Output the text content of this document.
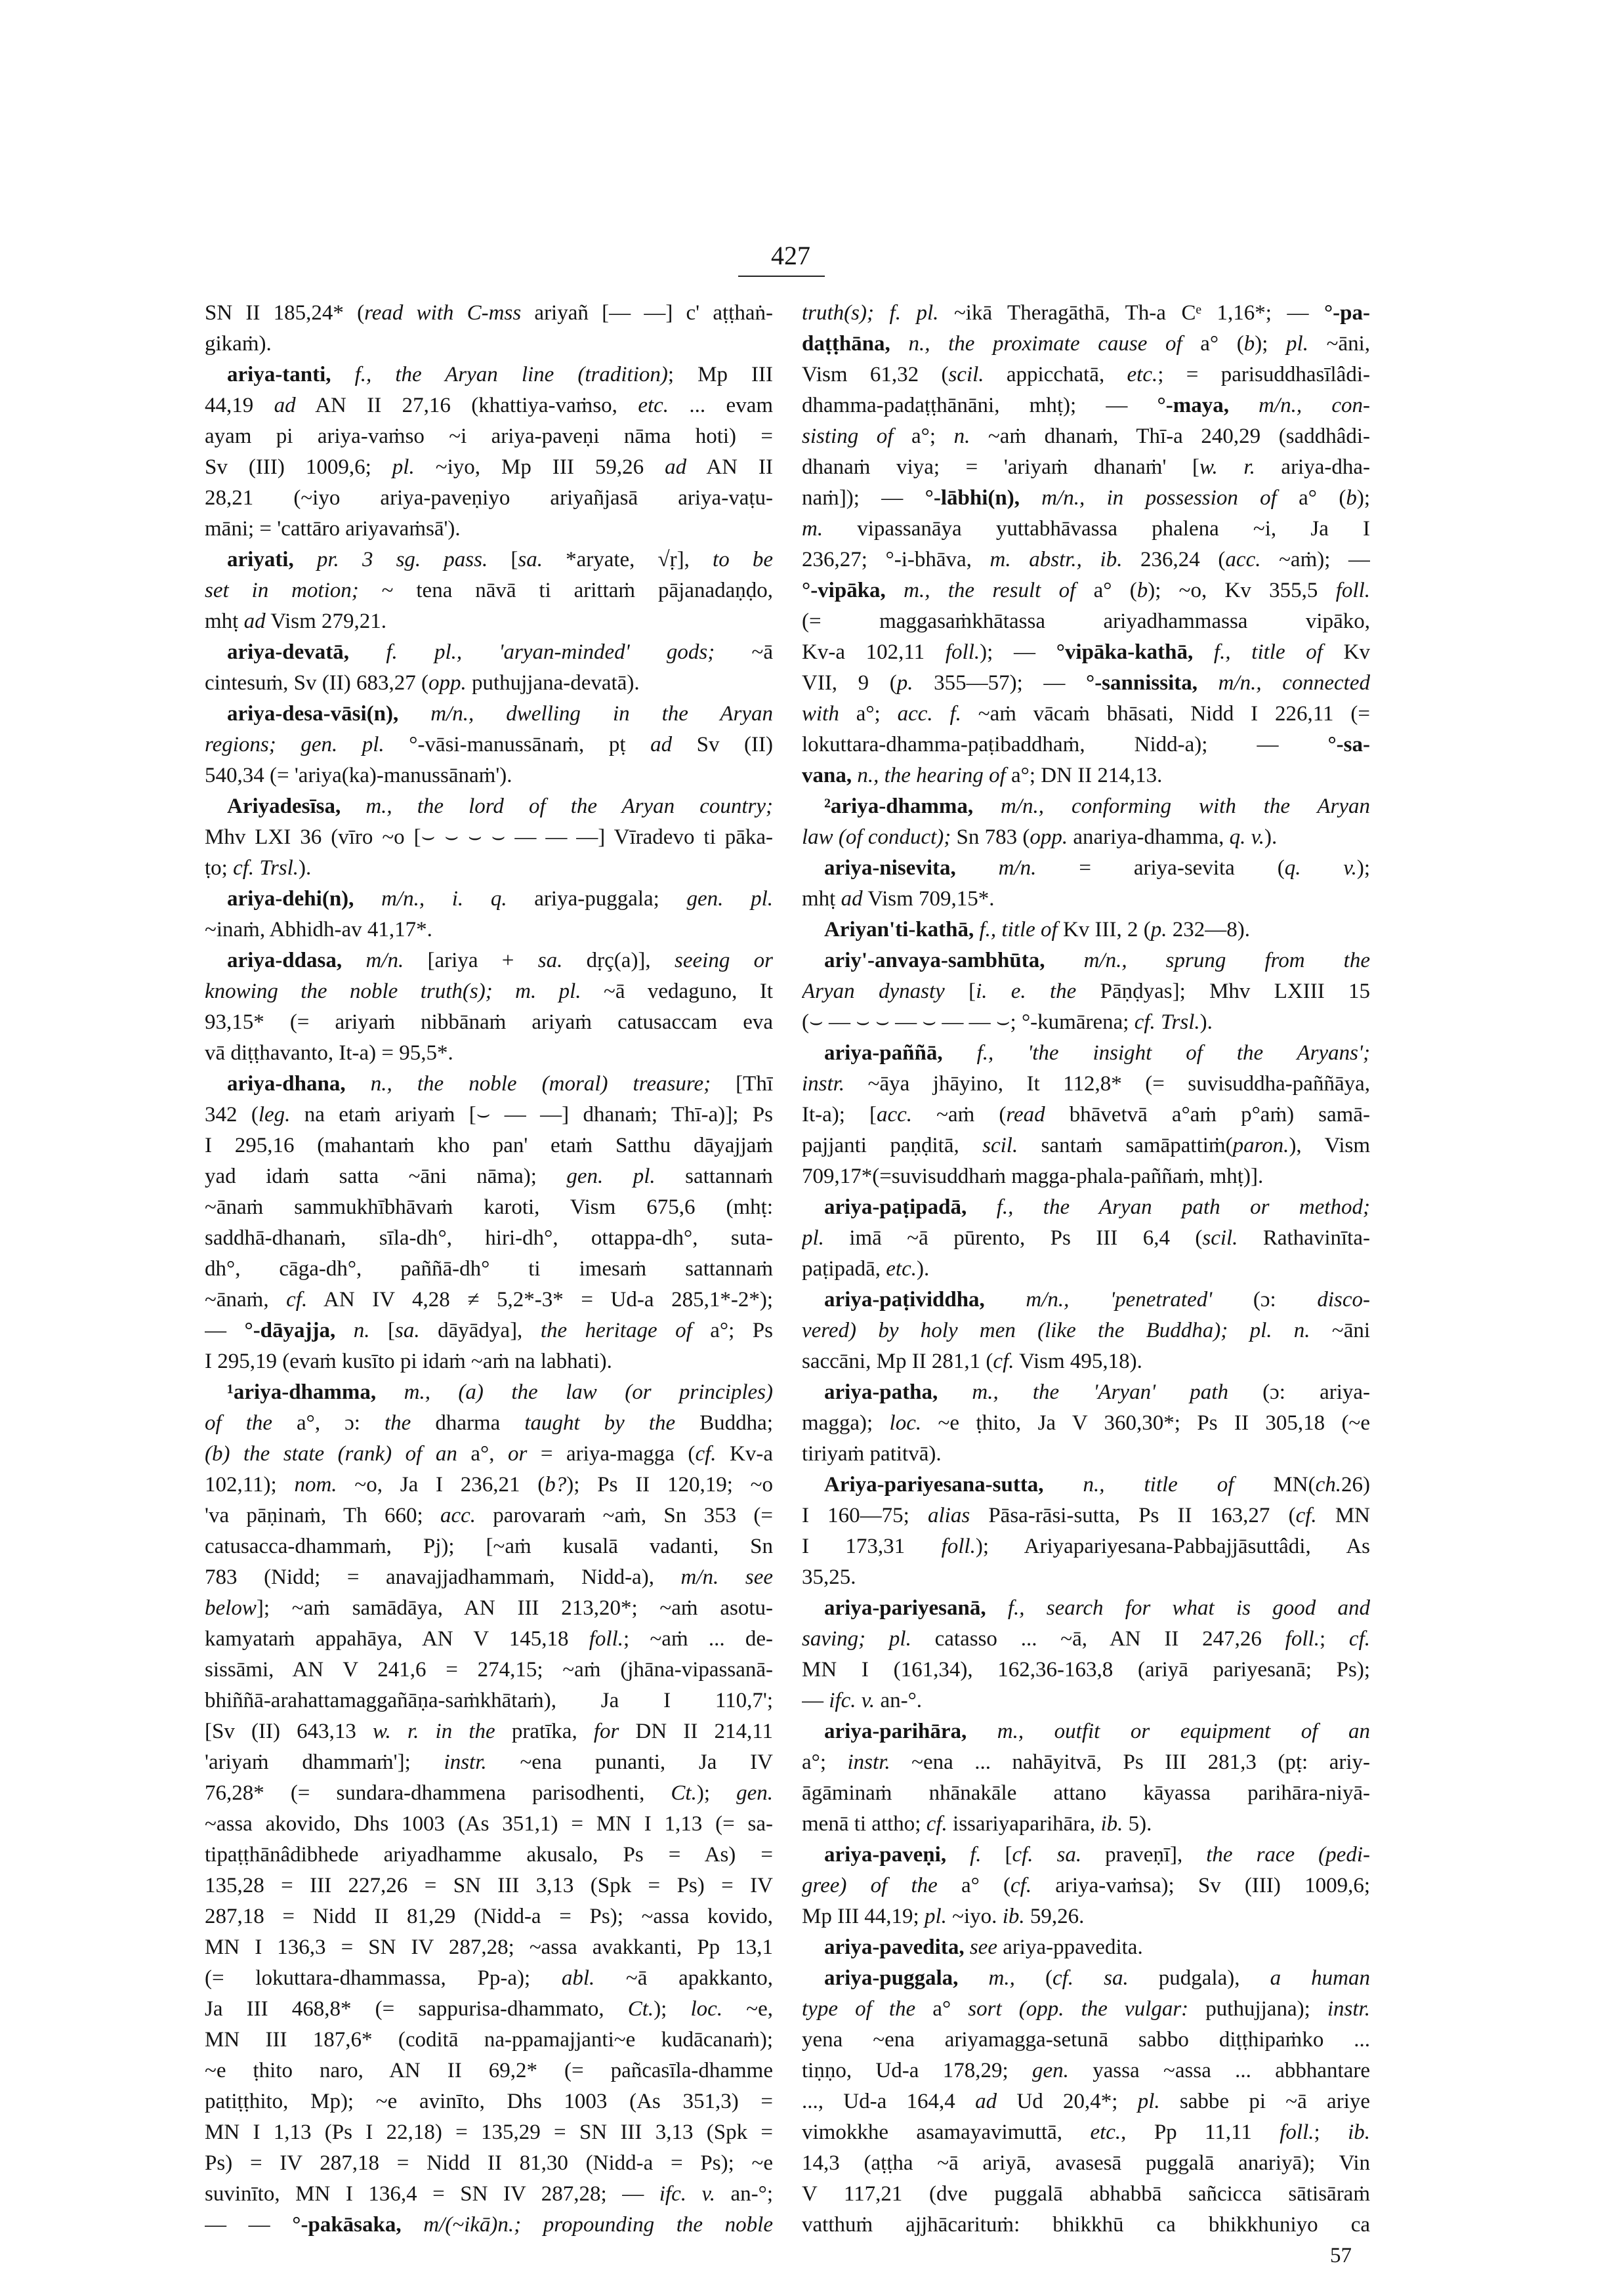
427
SN II 185,24* (read with C-mss ariyañ [— —] c' aṭṭhaṅ-
gikaṁ).
ariya-tanti, f., the Aryan line (tradition); Mp III
44,19 ad AN II 27,16 (khattiya-vaṁso, etc. ... evam
ayam pi ariya-vaṁso ~i ariya-paveṇi nāma hoti) =
Sv (III) 1009,6; pl. ~iyo, Mp III 59,26 ad AN II
28,21 (~iyo ariya-paveṇiyo ariyañjasā ariya-vaṭu-
māni; = 'cattāro ariyavaṁsā').
ariyati, pr. 3 sg. pass. [sa. *aryate, √ṛ], to be
set in motion; ~ tena nāvā ti arittaṁ pājanadaṇḍo,
mhṭ ad Vism 279,21.
ariya-devatā, f. pl., 'aryan-minded' gods; ~ā
cintesuṁ, Sv (II) 683,27 (opp. puthujjana-devatā).
ariya-desa-vāsi(n), m/n., dwelling in the Aryan
regions; gen. pl. °-vāsi-manussānaṁ, pṭ ad Sv (II)
540,34 (= 'ariya(ka)-manussānaṁ').
Ariyadesīsa, m., the lord of the Aryan country;
Mhv LXI 36 (vīro ~o [⌣ ⌣ ⌣ ⌣ — — —] Vīradevo ti pāka-
ṭo; cf. Trsl.).
ariya-dehi(n), m/n., i. q. ariya-puggala; gen. pl.
~inaṁ, Abhidh-av 41,17*.
ariya-ddasa, m/n. [ariya + sa. dṛç(a)], seeing or
knowing the noble truth(s); m. pl. ~ā vedaguno, It
93,15* (= ariyaṁ nibbānaṁ ariyaṁ catusaccam eva
vā diṭṭhavanto, It-a) = 95,5*.
ariya-dhana, n., the noble (moral) treasure; [Thī
342 (leg. na etaṁ ariyaṁ [⌣ — —] dhanaṁ; Thī-a)]; Ps
I 295,16 (mahantaṁ kho pan' etaṁ Satthu dāyajjaṁ
yad idaṁ satta ~āni nāma); gen. pl. sattannaṁ
~ānaṁ sammukhībhāvaṁ karoti, Vism 675,6 (mhṭ:
saddhā-dhanaṁ, sīla-dh°, hiri-dh°, ottappa-dh°, suta-
dh°, cāga-dh°, paññā-dh° ti imesaṁ sattannaṁ
~ānaṁ, cf. AN IV 4,28 ≠ 5,2*-3* = Ud-a 285,1*-2*);
— °-dāyajja, n. [sa. dāyādya], the heritage of a°; Ps
I 295,19 (evaṁ kusīto pi idaṁ ~aṁ na labhati).
¹ariya-dhamma, m., (a) the law (or principles)
of the a°, ɔ: the dharma taught by the Buddha;
(b) the state (rank) of an a°, or = ariya-magga (cf. Kv-a
102,11); nom. ~o, Ja I 236,21 (b?); Ps II 120,19; ~o
'va pāṇinaṁ, Th 660; acc. parovaraṁ ~aṁ, Sn 353 (=
catusacca-dhammaṁ, Pj); [~aṁ kusalā vadanti, Sn
783 (Nidd; = anavajjadhammaṁ, Nidd-a), m/n. see
below]; ~aṁ samādāya, AN III 213,20*; ~aṁ asotu-
kamyataṁ appahāya, AN V 145,18 foll.; ~aṁ ... de-
sissāmi, AN V 241,6 = 274,15; ~aṁ (jhāna-vipassanā-
bhiññā-arahattamaggañāṇa-saṁkhātaṁ), Ja I 110,7';
[Sv (II) 643,13 w. r. in the pratīka, for DN II 214,11
'ariyaṁ dhammaṁ']; instr. ~ena punanti, Ja IV
76,28* (= sundara-dhammena parisodhenti, Ct.); gen.
~assa akovido, Dhs 1003 (As 351,1) = MN I 1,13 (= sa-
tipaṭṭhānâdibhede ariyadhamme akusalo, Ps = As) =
135,28 = III 227,26 = SN III 3,13 (Spk = Ps) = IV
287,18 = Nidd II 81,29 (Nidd-a = Ps); ~assa kovido,
MN I 136,3 = SN IV 287,28; ~assa avakkanti, Pp 13,1
(= lokuttara-dhammassa, Pp-a); abl. ~ā apakkanto,
Ja III 468,8* (= sappurisa-dhammato, Ct.); loc. ~e,
MN III 187,6* (coditā na-ppamajjanti~e kudācanaṁ);
~e ṭhito naro, AN II 69,2* (= pañcasīla-dhamme
patiṭṭhito, Mp); ~e avinīto, Dhs 1003 (As 351,3) =
MN I 1,13 (Ps I 22,18) = 135,29 = SN III 3,13 (Spk =
Ps) = IV 287,18 = Nidd II 81,30 (Nidd-a = Ps); ~e
suvinīto, MN I 136,4 = SN IV 287,28; — ifc. v. an-°;
— — °-pakāsaka, m/(~ikā)n.; propounding the noble
truth(s); f. pl. ~ikā Theragāthā, Th-a Cᵉ 1,16*; — °-pa-
daṭṭhāna, n., the proximate cause of a° (b); pl. ~āni,
Vism 61,32 (scil. appicchatā, etc.; = parisuddhasīlâdi-
dhamma-padaṭṭhānāni, mhṭ); — °-maya, m/n., con-
sisting of a°; n. ~aṁ dhanaṁ, Thī-a 240,29 (saddhâdi-
dhanaṁ viya; = 'ariyaṁ dhanaṁ' [w. r. ariya-dha-
naṁ]); — °-lābhi(n), m/n., in possession of a° (b);
m. vipassanāya yuttabhāvassa phalena ~i, Ja I
236,27; °-i-bhāva, m. abstr., ib. 236,24 (acc. ~aṁ); —
°-vipāka, m., the result of a° (b); ~o, Kv 355,5 foll.
(= maggasaṁkhātassa ariyadhammassa vipāko,
Kv-a 102,11 foll.); — °vipāka-kathā, f., title of Kv
VII, 9 (p. 355—57); — °-sannissita, m/n., connected
with a°; acc. f. ~aṁ vācaṁ bhāsati, Nidd I 226,11 (=
lokuttara-dhamma-paṭibaddhaṁ, Nidd-a); — °-sa-
vana, n., the hearing of a°; DN II 214,13.
²ariya-dhamma, m/n., conforming with the Aryan
law (of conduct); Sn 783 (opp. anariya-dhamma, q. v.).
ariya-nisevita, m/n. = ariya-sevita (q. v.);
mhṭ ad Vism 709,15*.
Ariyan'ti-kathā, f., title of Kv III, 2 (p. 232—8).
ariy'-anvaya-sambhūta, m/n., sprung from the
Aryan dynasty [i. e. the Pāṇḍyas]; Mhv LXIII 15
(⌣ — ⌣ ⌣ — ⌣ — — ⌣; °-kumārena; cf. Trsl.).
ariya-paññā, f., 'the insight of the Aryans';
instr. ~āya jhāyino, It 112,8* (= suvisuddha-paññāya,
It-a); [acc. ~aṁ (read bhāvetvā a°aṁ p°aṁ) samā-
pajjanti paṇḍitā, scil. santaṁ samāpattiṁ(paron.), Vism
709,17*(=suvisuddhaṁ magga-phala-paññaṁ, mhṭ)].
ariya-paṭipadā, f., the Aryan path or method;
pl. imā ~ā pūrento, Ps III 6,4 (scil. Rathavinīta-
paṭipadā, etc.).
ariya-paṭividdha, m/n., 'penetrated' (ɔ: disco-
vered) by holy men (like the Buddha); pl. n. ~āni
saccāni, Mp II 281,1 (cf. Vism 495,18).
ariya-patha, m., the 'Aryan' path (ɔ: ariya-
magga); loc. ~e ṭhito, Ja V 360,30*; Ps II 305,18 (~e
tiriyaṁ patitvā).
Ariya-pariyesana-sutta, n., title of MN(ch.26)
I 160—75; alias Pāsa-rāsi-sutta, Ps II 163,27 (cf. MN
I 173,31 foll.); Ariyapariyesana-Pabbajjāsuttâdi, As
35,25.
ariya-pariyesanā, f., search for what is good and
saving; pl. catasso ... ~ā, AN II 247,26 foll.; cf.
MN I (161,34), 162,36-163,8 (ariyā pariyesanā; Ps);
— ifc. v. an-°.
ariya-parihāra, m., outfit or equipment of an
a°; instr. ~ena ... nahāyitvā, Ps III 281,3 (pṭ: ariy-
āgāminaṁ nhānakāle attano kāyassa parihāra-niyā-
menā ti attho; cf. issariyaparihāra, ib. 5).
ariya-paveṇi, f. [cf. sa. praveṇī], the race (pedi-
gree) of the a° (cf. ariya-vaṁsa); Sv (III) 1009,6;
Mp III 44,19; pl. ~iyo. ib. 59,26.
ariya-pavedita, see ariya-ppavedita.
ariya-puggala, m., (cf. sa. pudgala), a human
type of the a° sort (opp. the vulgar: puthujjana); instr.
yena ~ena ariyamagga-setunā sabbo diṭṭhipaṁko ...
tiṇṇo, Ud-a 178,29; gen. yassa ~assa ... abbhantare
..., Ud-a 164,4 ad Ud 20,4*; pl. sabbe pi ~ā ariye
vimokkhe asamayavimuttā, etc., Pp 11,11 foll.; ib.
14,3 (aṭṭha ~ā ariyā, avasesā puggalā anariyā); Vin
V 117,21 (dve puggalā abhabbā sañcicca sātisāraṁ
vatthuṁ ajjhācarituṁ: bhikkhū ca bhikkhuniyo ca
57
